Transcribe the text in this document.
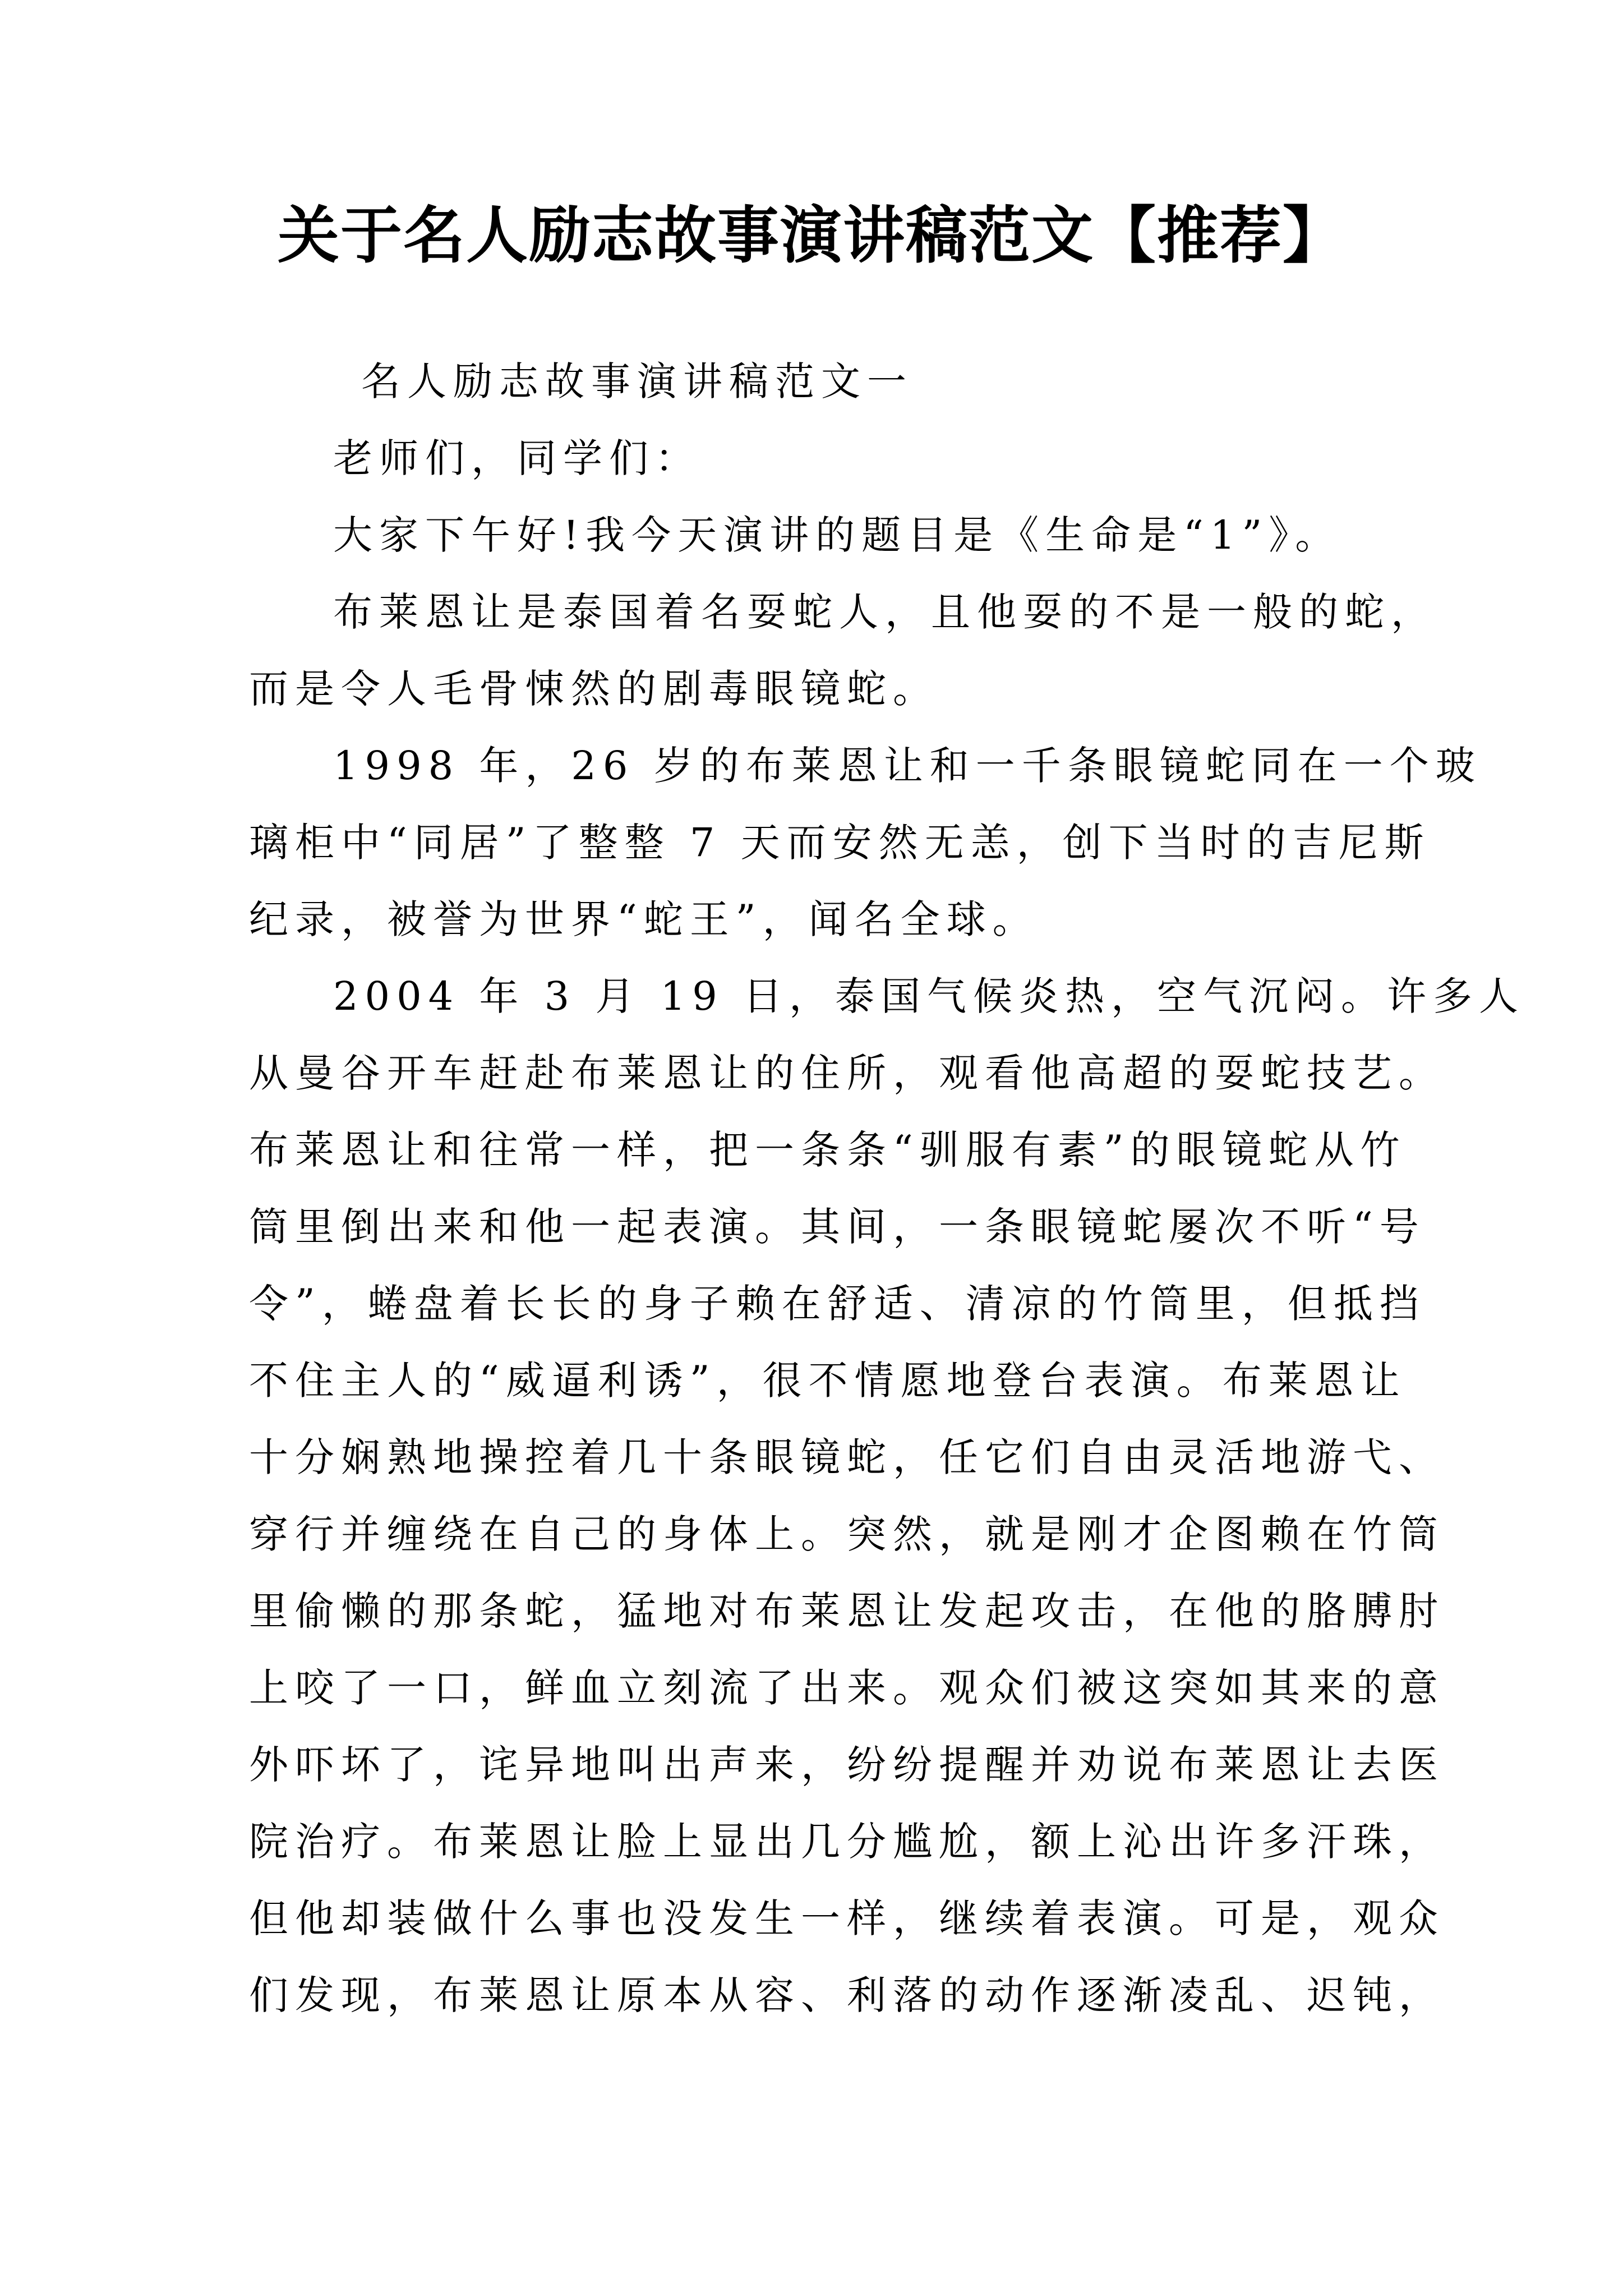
关于名人励志故事演讲稿范文【推荐】
名人励志故事演讲稿范文一
老师们，同学们：
大家下午好!我今天演讲的题目是《生命是“1”》。
布莱恩让是泰国着名耍蛇人，且他耍的不是一般的蛇，
而是令人毛骨悚然的剧毒眼镜蛇。
1998 年，26 岁的布莱恩让和一千条眼镜蛇同在一个玻
璃柜中“同居”了整整 7 天而安然无恙，创下当时的吉尼斯
纪录，被誉为世界“蛇王”，闻名全球。
2004 年 3 月 19 日，泰国气候炎热，空气沉闷。许多人
从曼谷开车赶赴布莱恩让的住所，观看他高超的耍蛇技艺。
布莱恩让和往常一样，把一条条“驯服有素”的眼镜蛇从竹
筒里倒出来和他一起表演。其间，一条眼镜蛇屡次不听“号
令”，蜷盘着长长的身子赖在舒适、清凉的竹筒里，但抵挡
不住主人的“威逼利诱”，很不情愿地登台表演。布莱恩让
十分娴熟地操控着几十条眼镜蛇，任它们自由灵活地游弋、
穿行并缠绕在自己的身体上。突然，就是刚才企图赖在竹筒
里偷懒的那条蛇，猛地对布莱恩让发起攻击，在他的胳膊肘
上咬了一口，鲜血立刻流了出来。观众们被这突如其来的意
外吓坏了，诧异地叫出声来，纷纷提醒并劝说布莱恩让去医
院治疗。布莱恩让脸上显出几分尴尬，额上沁出许多汗珠，
但他却装做什么事也没发生一样，继续着表演。可是，观众
们发现，布莱恩让原本从容、利落的动作逐渐凌乱、迟钝，
